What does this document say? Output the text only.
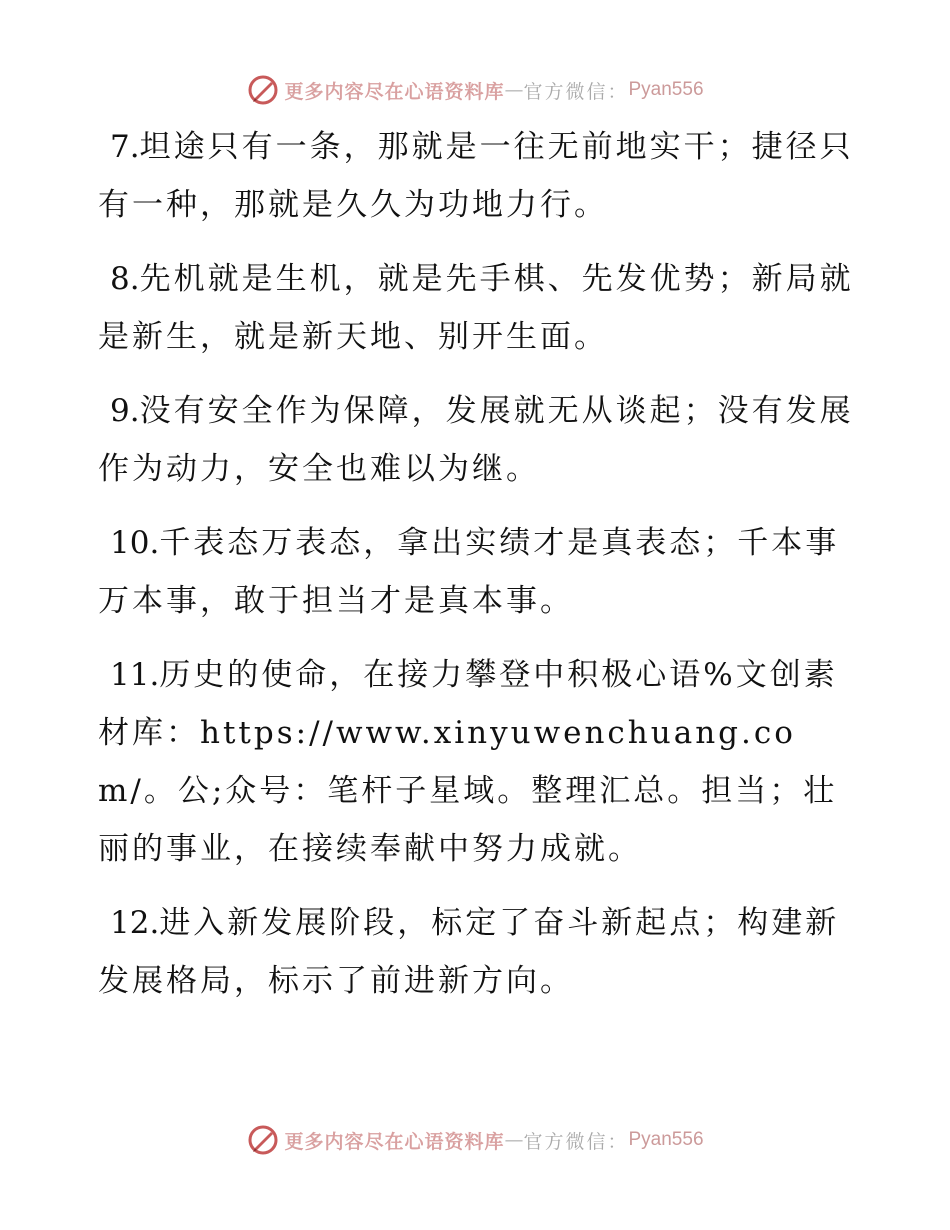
更多内容尽在心语资料库 — 官方微信： Pyan556

7.坦途只有一条，那就是一往无前地实干；捷径只有一种，那就是久久为功地力行。

8.先机就是生机，就是先手棋、先发优势；新局就是新生，就是新天地、别开生面。

9.没有安全作为保障，发展就无从谈起；没有发展作为动力，安全也难以为继。

10.千表态万表态，拿出实绩才是真表态；千本事万本事，敢于担当才是真本事。

11.历史的使命，在接力攀登中积极心语%文创素材库：https://www.xinyuwenchuang.com/。公;众号：笔杆子星域。整理汇总。担当；壮丽的事业，在接续奉献中努力成就。

12.进入新发展阶段，标定了奋斗新起点；构建新发展格局，标示了前进新方向。

更多内容尽在心语资料库 — 官方微信： Pyan556
